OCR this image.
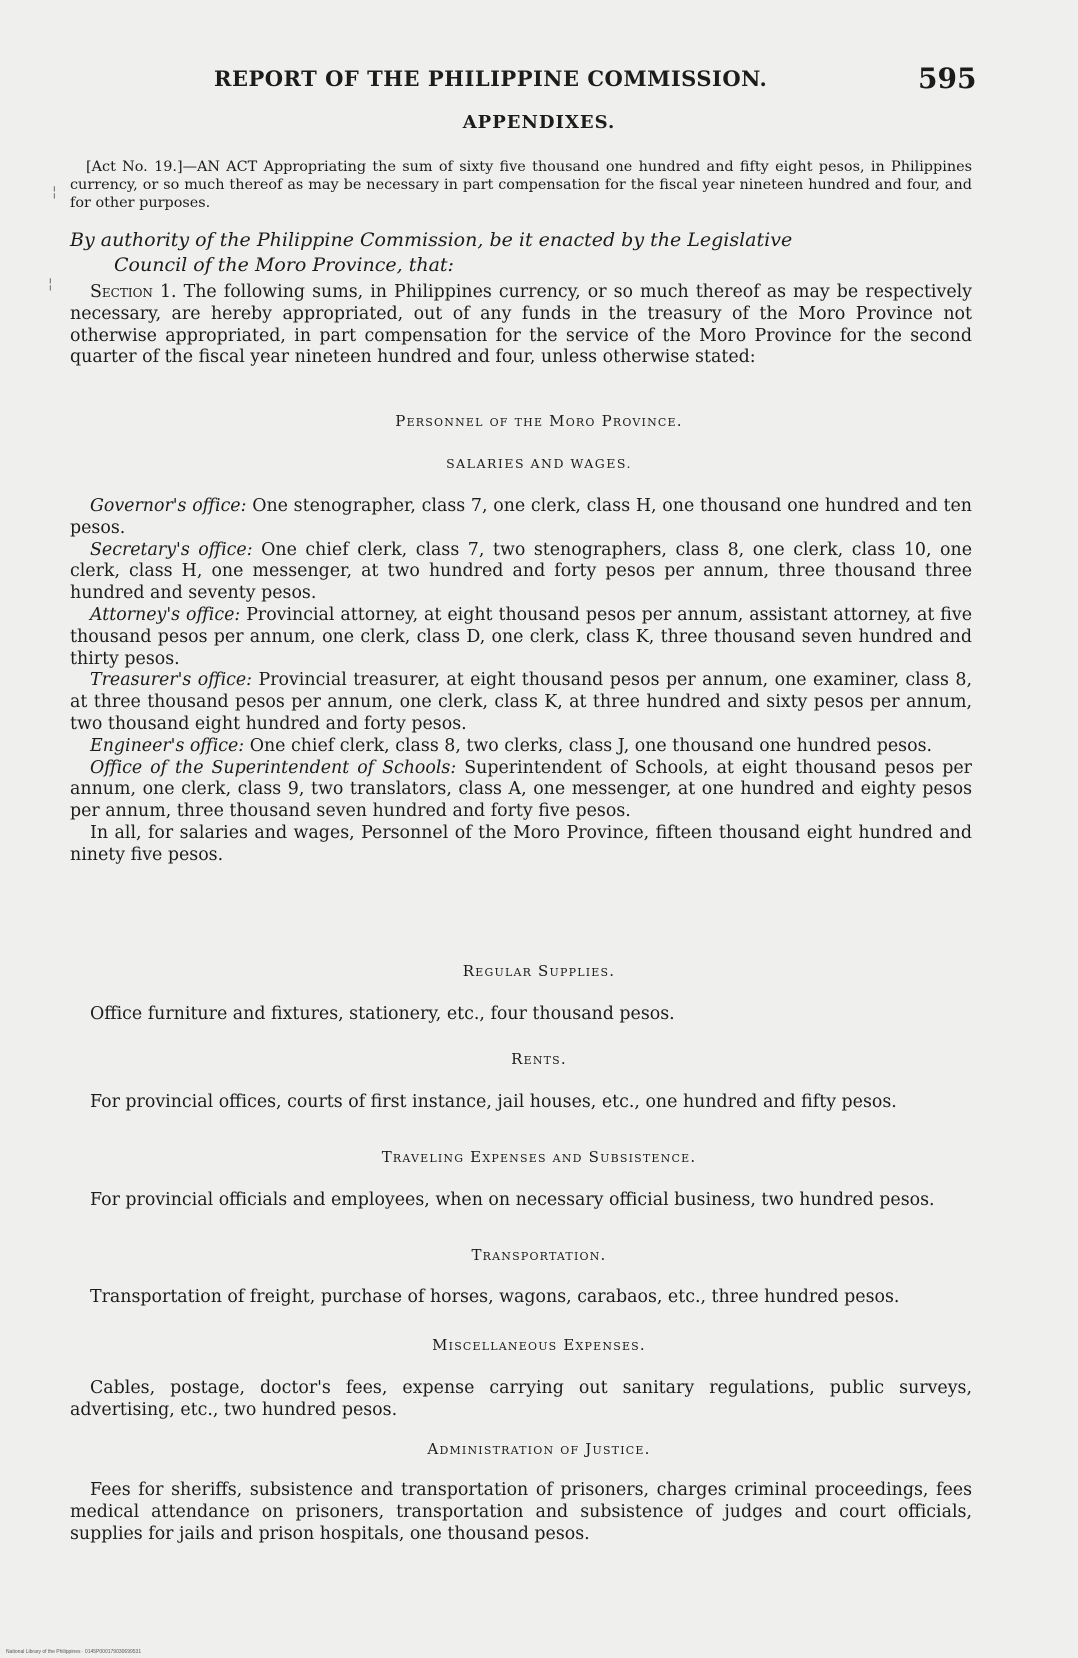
REPORT OF THE PHILIPPINE COMMISSION.	595
APPENDIXES.
[Act No. 19.]—AN ACT Appropriating the sum of sixty five thousand one hundred and fifty eight pesos, in Philippines currency, or so much thereof as may be necessary in part compensation for the fiscal year nineteen hundred and four, and for other purposes.
By authority of the Philippine Commission, be it enacted by the Legislative
Council of the Moro Province, that:

Section 1. The following sums, in Philippines currency, or so much thereof as may be respectively necessary, are hereby appropriated, out of any funds in the treasury of the Moro Province not otherwise appropriated, in part compensation for the service of the Moro Province for the second quarter of the fiscal year nineteen hundred and four, unless otherwise stated:

Personnel of the Moro Province.
SALARIES AND WAGES.

Governor's office: One stenographer, class 7, one clerk, class H, one thousand one hundred and ten pesos.

Secretary's office: One chief clerk, class 7, two stenographers, class 8, one clerk, class 10, one clerk, class H, one messenger, at two hundred and forty pesos per annum, three thousand three hundred and seventy pesos.

Attorney's office: Provincial attorney, at eight thousand pesos per annum, assistant attorney, at five thousand pesos per annum, one clerk, class D, one clerk, class K, three thousand seven hundred and thirty pesos.

Treasurer's office: Provincial treasurer, at eight thousand pesos per annum, one examiner, class 8, at three thousand pesos per annum, one clerk, class K, at three hundred and sixty pesos per annum, two thousand eight hundred and forty pesos.

Engineer's office: One chief clerk, class 8, two clerks, class J, one thousand one hundred pesos.

Office of the Superintendent of Schools: Superintendent of Schools, at eight thousand pesos per annum, one clerk, class 9, two translators, class A, one messenger, at one hundred and eighty pesos per annum, three thousand seven hundred and forty five pesos.

In all, for salaries and wages, Personnel of the Moro Province, fifteen thousand eight hundred and ninety five pesos.

Regular Supplies.

Office furniture and fixtures, stationery, etc., four thousand pesos.

Rents.

For provincial offices, courts of first instance, jail houses, etc., one hundred and fifty pesos.

Traveling Expenses and Subsistence.

For provincial officials and employees, when on necessary official business, two hundred pesos.

Transportation.

Transportation of freight, purchase of horses, wagons, carabaos, etc., three hundred pesos.

Miscellaneous Expenses.

Cables, postage, doctor's fees, expense carrying out sanitary regulations, public surveys, advertising, etc., two hundred pesos.

Administration of Justice.

Fees for sheriffs, subsistence and transportation of prisoners, charges criminal proceedings, fees medical attendance on prisoners, transportation and subsistence of judges and court officials, supplies for jails and prison hospitals, one thousand pesos.

¦
¦
National Library of the Philippines · 0145P000179030699531
